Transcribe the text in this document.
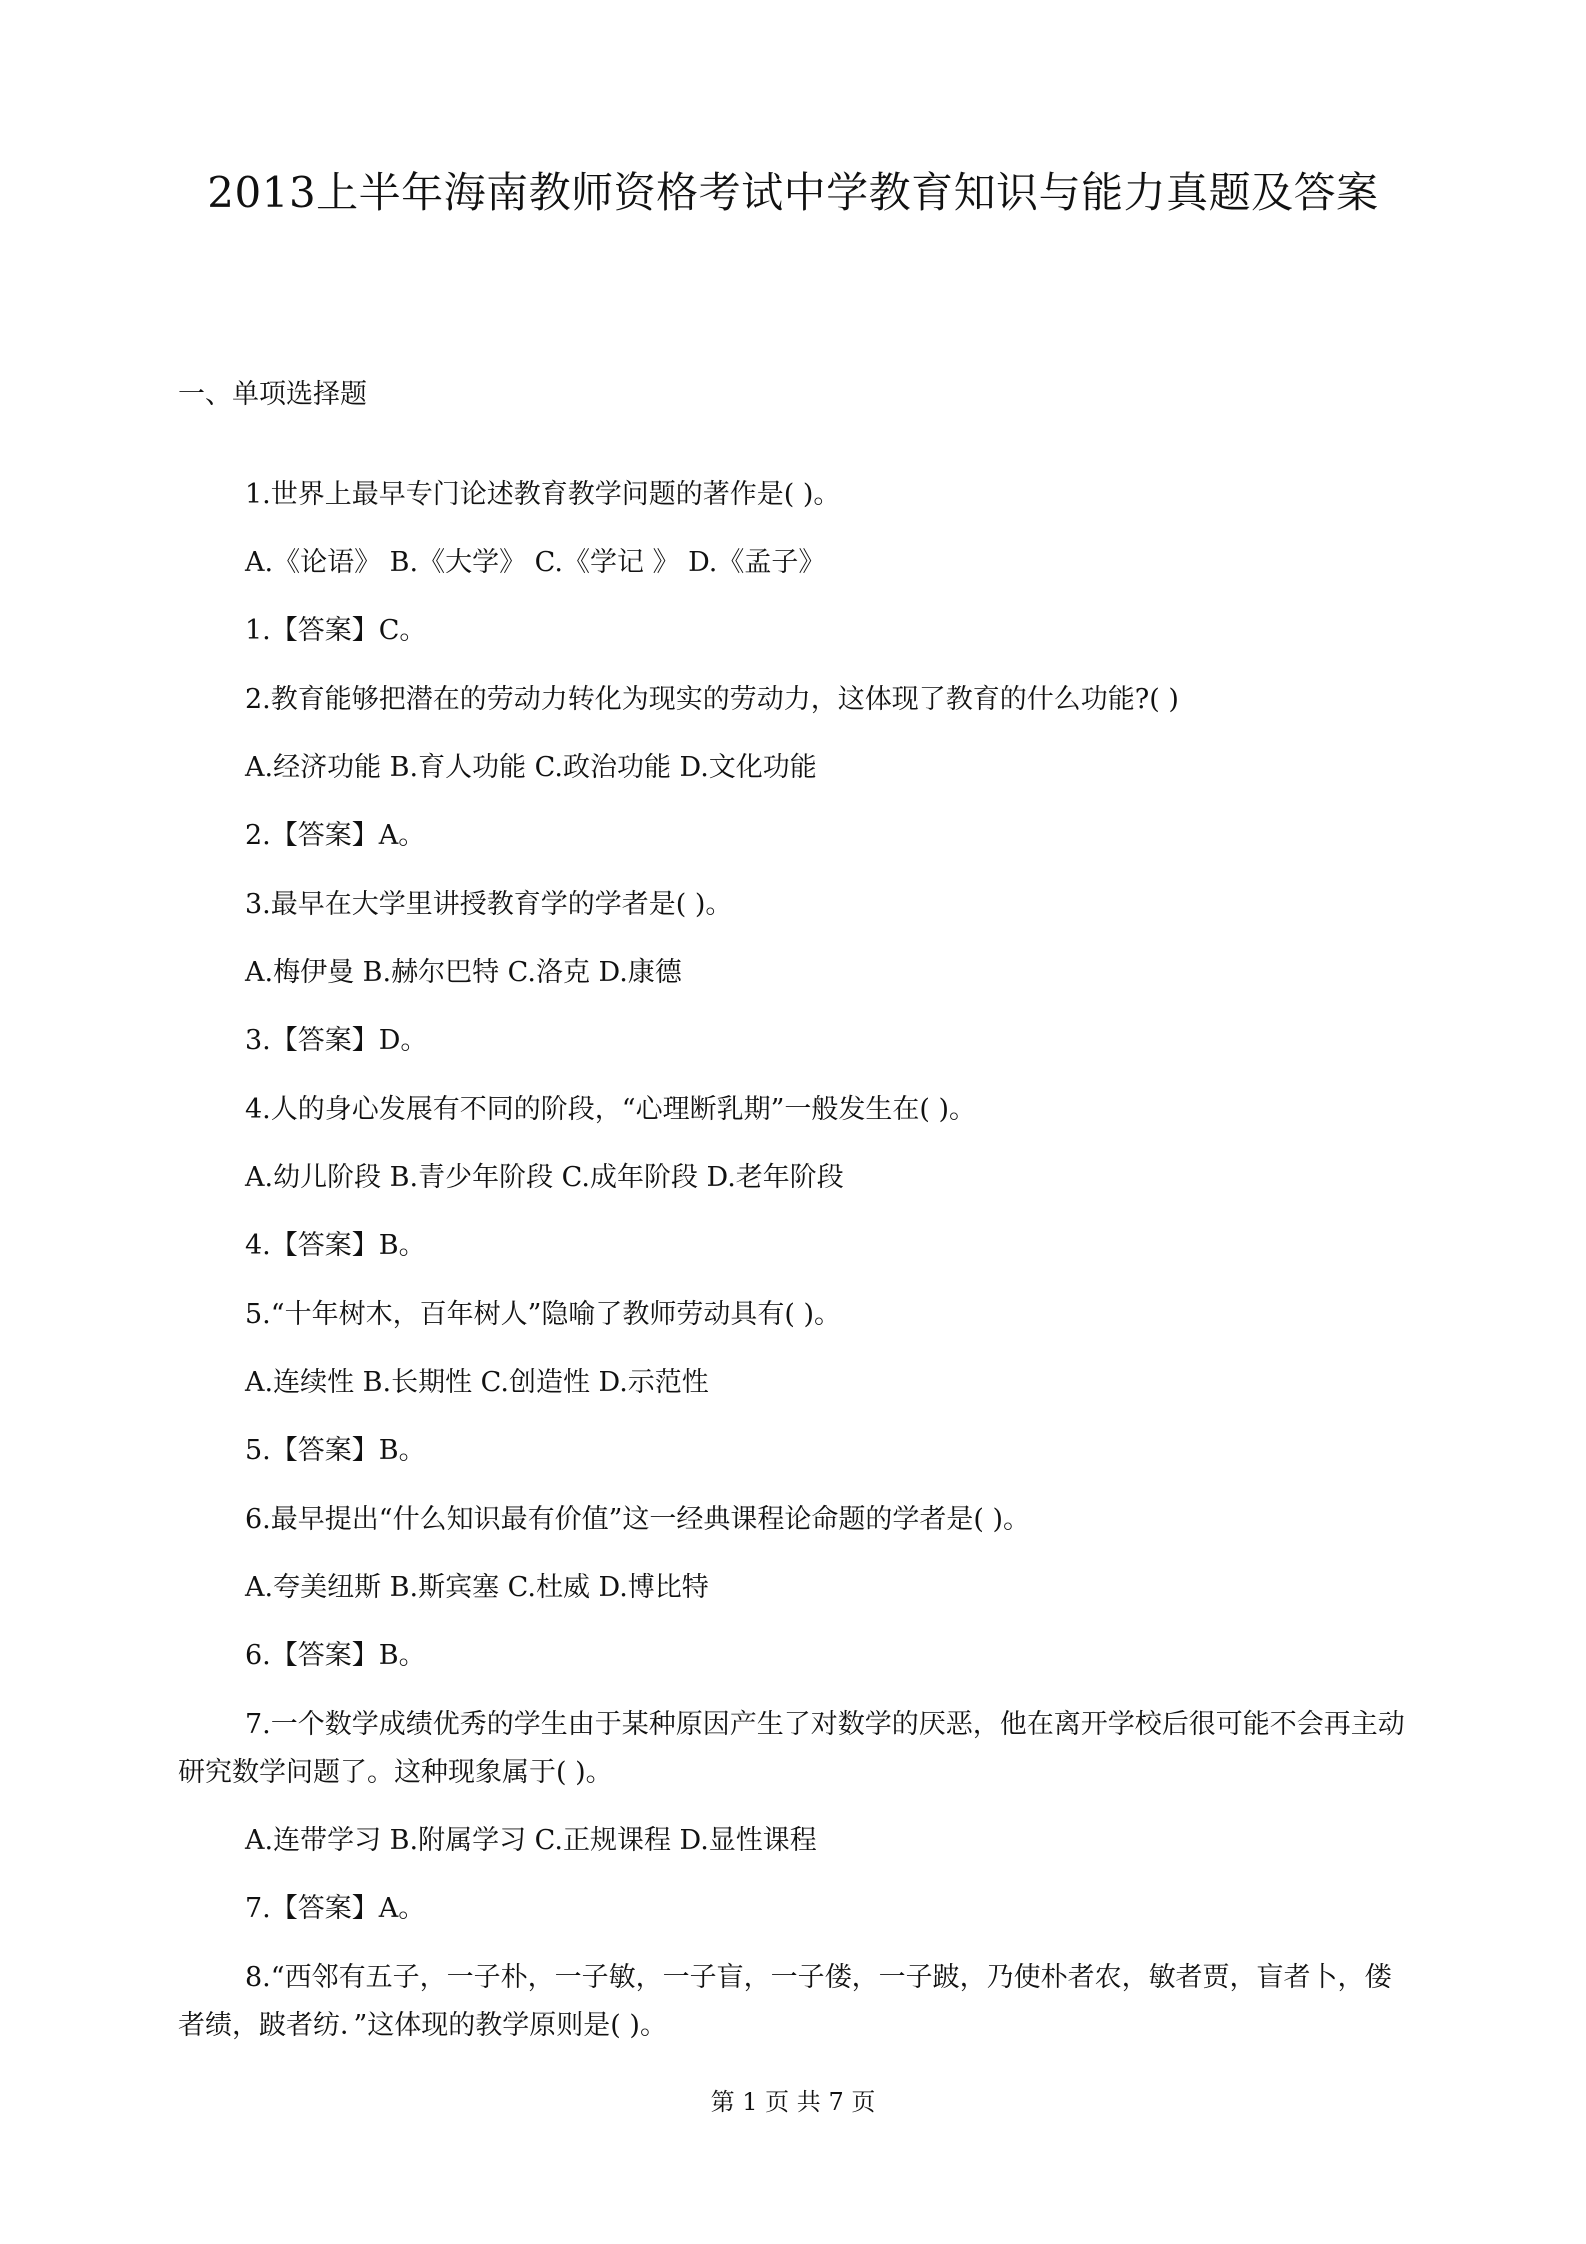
2013上半年海南教师资格考试中学教育知识与能力真题及答案
一、单项选择题
1.世界上最早专门论述教育教学问题的著作是( )。
A.《论语》 B.《大学》 C.《学记 》 D.《孟子》
1.【答案】C。
2.教育能够把潜在的劳动力转化为现实的劳动力，这体现了教育的什么功能?( )
A.经济功能 B.育人功能 C.政治功能 D.文化功能
2.【答案】A。
3.最早在大学里讲授教育学的学者是( )。
A.梅伊曼 B.赫尔巴特 C.洛克 D.康德
3.【答案】D。
4.人的身心发展有不同的阶段，“心理断乳期”一般发生在( )。
A.幼儿阶段 B.青少年阶段 C.成年阶段 D.老年阶段
4.【答案】B。
5.“十年树木，百年树人”隐喻了教师劳动具有( )。
A.连续性 B.长期性 C.创造性 D.示范性
5.【答案】B。
6.最早提出“什么知识最有价值”这一经典课程论命题的学者是( )。
A.夸美纽斯 B.斯宾塞 C.杜威 D.博比特
6.【答案】B。
7.一个数学成绩优秀的学生由于某种原因产生了对数学的厌恶，他在离开学校后很可能不会再主动
研究数学问题了。这种现象属于( )。
A.连带学习 B.附属学习 C.正规课程 D.显性课程
7.【答案】A。
8.“西邻有五子，一子朴，一子敏，一子盲，一子偻，一子跛，乃使朴者农，敏者贾，盲者卜，偻
者绩，跛者纺．”这体现的教学原则是( )。
第 1 页 共 7 页
